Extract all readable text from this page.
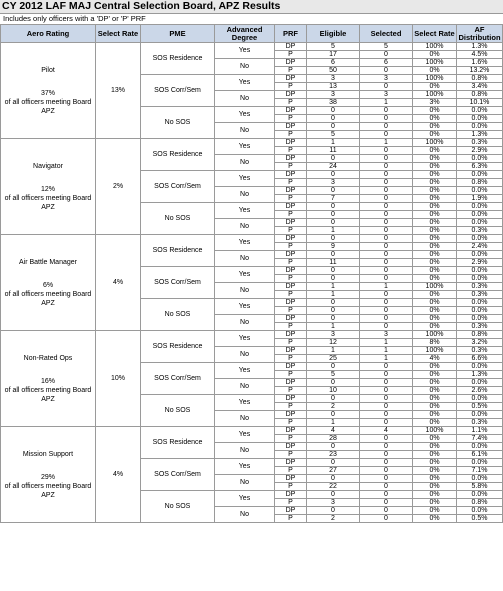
CY 2012 LAF MAJ Central Selection Board, APZ Results
Includes only officers with a 'DP' or 'P' PRF
Aero Rating	Select Rate	PME	Advanced Degree	PRF	Eligible	Selected	Select Rate	AF Distribution

Pilot
37%
of all officers meeting Board APZ	13%	SOS Residence	Yes	DP	5	5	100%	1.3%
				P	17	0	0%	4.5%
			No	DP	6	6	100%	1.6%
				P	50	0	0%	13.2%
		SOS Corr/Sem	Yes	DP	3	3	100%	0.8%
				P	13	0	0%	3.4%
			No	DP	3	3	100%	0.8%
				P	38	1	3%	10.1%
		No SOS	Yes	DP	0	0	0%	0.0%
				P	0	0	0%	0.0%
			No	DP	0	0	0%	0.0%
				P	5	0	0%	1.3%

Navigator
12%
of all officers meeting Board APZ	2%	SOS Residence	Yes	DP	1	1	100%	0.3%
				P	11	0	0%	2.9%
			No	DP	0	0	0%	0.0%
				P	24	0	0%	6.3%
		SOS Corr/Sem	Yes	DP	0	0	0%	0.0%
				P	3	0	0%	0.8%
			No	DP	0	0	0%	0.0%
				P	7	0	0%	1.9%
		No SOS	Yes	DP	0	0	0%	0.0%
				P	0	0	0%	0.0%
			No	DP	0	0	0%	0.0%
				P	1	0	0%	0.3%

Air Battle Manager
6%
of all officers meeting Board APZ	4%	SOS Residence	Yes	DP	0	0	0%	0.0%
				P	9	0	0%	2.4%
			No	DP	0	0	0%	0.0%
				P	11	0	0%	2.9%
		SOS Corr/Sem	Yes	DP	0	0	0%	0.0%
				P	0	0	0%	0.0%
			No	DP	1	1	100%	0.3%
				P	1	0	0%	0.3%
		No SOS	Yes	DP	0	0	0%	0.0%
				P	0	0	0%	0.0%
			No	DP	0	0	0%	0.0%
				P	1	0	0%	0.3%

Non-Rated Ops
16%
of all officers meeting Board APZ	10%	SOS Residence	Yes	DP	3	3	100%	0.8%
				P	12	1	8%	3.2%
			No	DP	1	1	100%	0.3%
				P	25	1	4%	6.6%
		SOS Corr/Sem	Yes	DP	0	0	0%	0.0%
				P	5	0	0%	1.3%
			No	DP	0	0	0%	0.0%
				P	10	0	0%	2.6%
		No SOS	Yes	DP	0	0	0%	0.0%
				P	2	0	0%	0.5%
			No	DP	0	0	0%	0.0%
				P	1	0	0%	0.3%

Mission Support
29%
of all officers meeting Board APZ	4%	SOS Residence	Yes	DP	4	4	100%	1.1%
				P	28	0	0%	7.4%
			No	DP	0	0	0%	0.0%
				P	23	0	0%	6.1%
		SOS Corr/Sem	Yes	DP	0	0	0%	0.0%
				P	27	0	0%	7.1%
			No	DP	0	0	0%	0.0%
				P	22	0	0%	5.8%
		No SOS	Yes	DP	0	0	0%	0.0%
				P	3	0	0%	0.8%
			No	DP	0	0	0%	0.0%
				P	2	0	0%	0.5%
